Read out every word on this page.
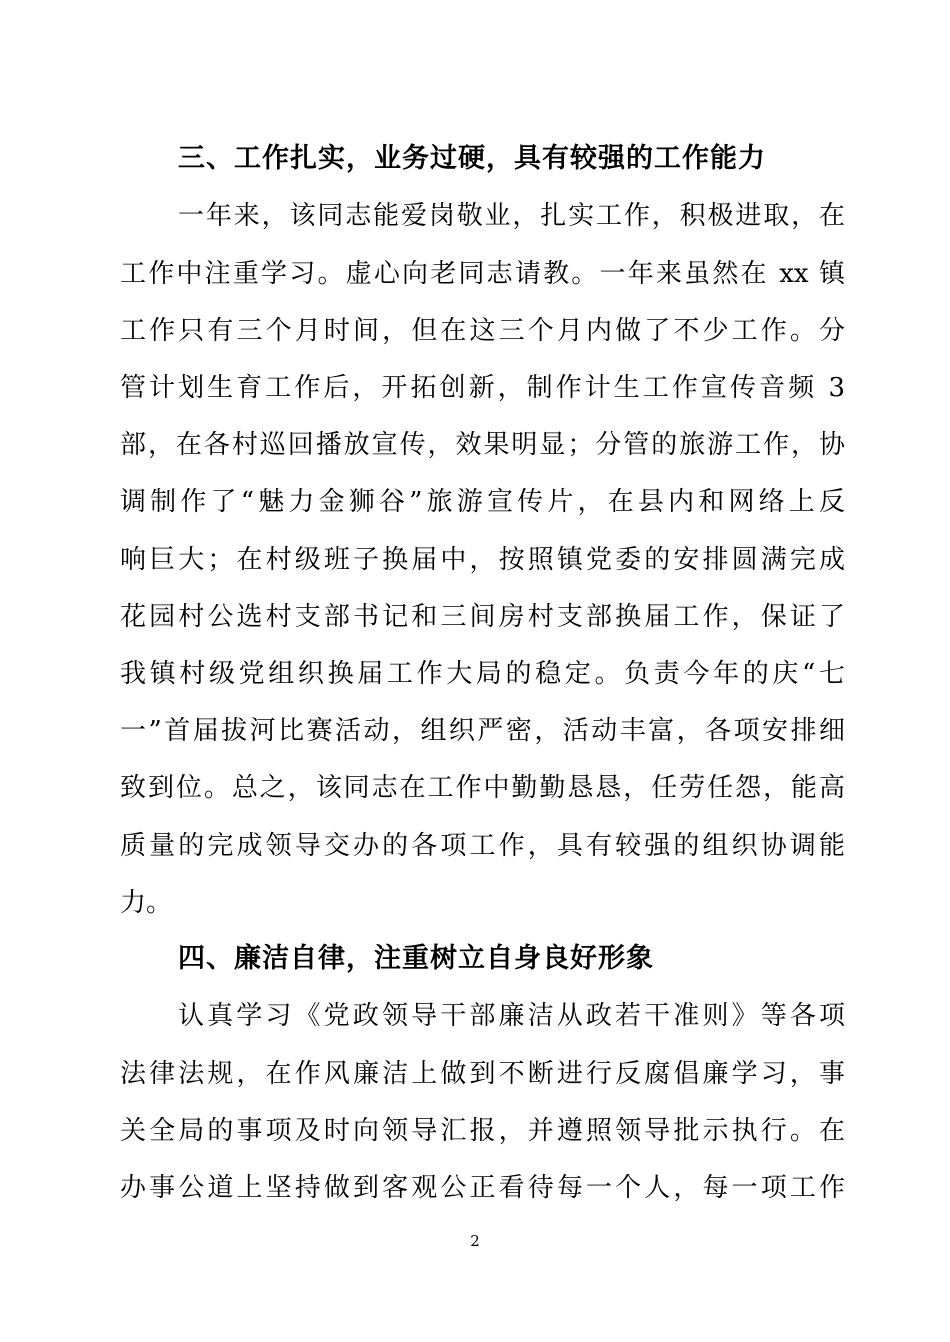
三、工作扎实，业务过硬，具有较强的工作能力
一年来，该同志能爱岗敬业，扎实工作，积极进取，在
工作中注重学习。虚心向老同志请教。一年来虽然在 xx 镇
工作只有三个月时间，但在这三个月内做了不少工作。分
管计划生育工作后，开拓创新，制作计生工作宣传音频 3
部，在各村巡回播放宣传，效果明显；分管的旅游工作，协
调制作了“魅力金狮谷”旅游宣传片，在县内和网络上反
响巨大；在村级班子换届中，按照镇党委的安排圆满完成
花园村公选村支部书记和三间房村支部换届工作，保证了
我镇村级党组织换届工作大局的稳定。负责今年的庆“七
一”首届拔河比赛活动，组织严密，活动丰富，各项安排细
致到位。总之，该同志在工作中勤勤恳恳，任劳任怨，能高
质量的完成领导交办的各项工作，具有较强的组织协调能
力。
四、廉洁自律，注重树立自身良好形象
认真学习《党政领导干部廉洁从政若干准则》等各项
法律法规，在作风廉洁上做到不断进行反腐倡廉学习，事
关全局的事项及时向领导汇报，并遵照领导批示执行。在
办事公道上坚持做到客观公正看待每一个人，每一项工作
2
